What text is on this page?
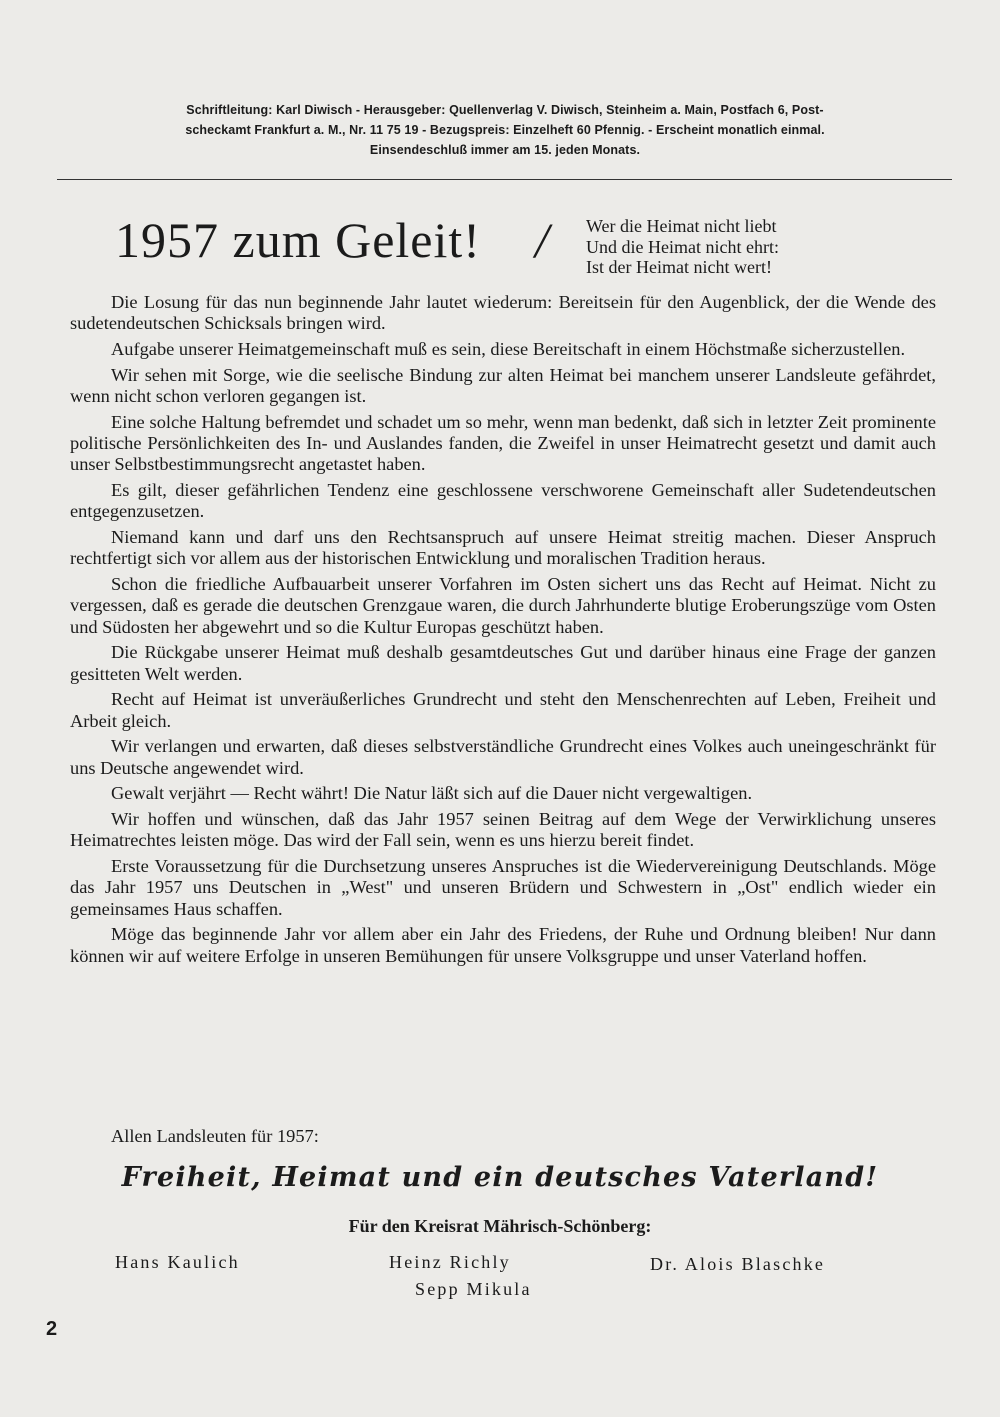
Schriftleitung: Karl Diwisch - Herausgeber: Quellenverlag V. Diwisch, Steinheim a. Main, Postfach 6, Post-
scheckamt Frankfurt a. M., Nr. 11 75 19 - Bezugspreis: Einzelheft 60 Pfennig. - Erscheint monatlich einmal.
Einsendeschluß immer am 15. jeden Monats.
1957 zum Geleit! / Wer die Heimat nicht liebt
Und die Heimat nicht ehrt:
Ist der Heimat nicht wert!

Die Losung für das nun beginnende Jahr lautet wiederum: Bereitsein für den Augenblick, der die Wende des sudetendeutschen Schicksals bringen wird.

Aufgabe unserer Heimatgemeinschaft muß es sein, diese Bereitschaft in einem Höchstmaße sicherzustellen.

Wir sehen mit Sorge, wie die seelische Bindung zur alten Heimat bei manchem unserer Landsleute gefährdet, wenn nicht schon verloren gegangen ist.

Eine solche Haltung befremdet und schadet um so mehr, wenn man bedenkt, daß sich in letzter Zeit prominente politische Persönlichkeiten des In- und Auslandes fanden, die Zweifel in unser Heimatrecht gesetzt und damit auch unser Selbstbestimmungsrecht angetastet haben.

Es gilt, dieser gefährlichen Tendenz eine geschlossene verschworene Gemeinschaft aller Sudetendeutschen entgegenzusetzen.

Niemand kann und darf uns den Rechtsanspruch auf unsere Heimat streitig machen. Dieser Anspruch rechtfertigt sich vor allem aus der historischen Entwicklung und moralischen Tradition heraus.

Schon die friedliche Aufbauarbeit unserer Vorfahren im Osten sichert uns das Recht auf Heimat. Nicht zu vergessen, daß es gerade die deutschen Grenzgaue waren, die durch Jahrhunderte blutige Eroberungszüge vom Osten und Südosten her abgewehrt und so die Kultur Europas geschützt haben.

Die Rückgabe unserer Heimat muß deshalb gesamtdeutsches Gut und darüber hinaus eine Frage der ganzen gesitteten Welt werden.

Recht auf Heimat ist unveräußerliches Grundrecht und steht den Menschenrechten auf Leben, Freiheit und Arbeit gleich.

Wir verlangen und erwarten, daß dieses selbstverständliche Grundrecht eines Volkes auch uneingeschränkt für uns Deutsche angewendet wird.

Gewalt verjährt — Recht währt! Die Natur läßt sich auf die Dauer nicht vergewaltigen.

Wir hoffen und wünschen, daß das Jahr 1957 seinen Beitrag auf dem Wege der Verwirklichung unseres Heimatrechtes leisten möge. Das wird der Fall sein, wenn es uns hierzu bereit findet.

Erste Voraussetzung für die Durchsetzung unseres Anspruches ist die Wiedervereinigung Deutschlands. Möge das Jahr 1957 uns Deutschen in „West" und unseren Brüdern und Schwestern in „Ost" endlich wieder ein gemeinsames Haus schaffen.

Möge das beginnende Jahr vor allem aber ein Jahr des Friedens, der Ruhe und Ordnung bleiben! Nur dann können wir auf weitere Erfolge in unseren Bemühungen für unsere Volksgruppe und unser Vaterland hoffen.

Allen Landsleuten für 1957:
Freiheit, Heimat und ein deutsches Vaterland!
Für den Kreisrat Mährisch-Schönberg:
Hans Kaulich	Heinz Richly	Dr. Alois Blaschke
Sepp Mikula
2
